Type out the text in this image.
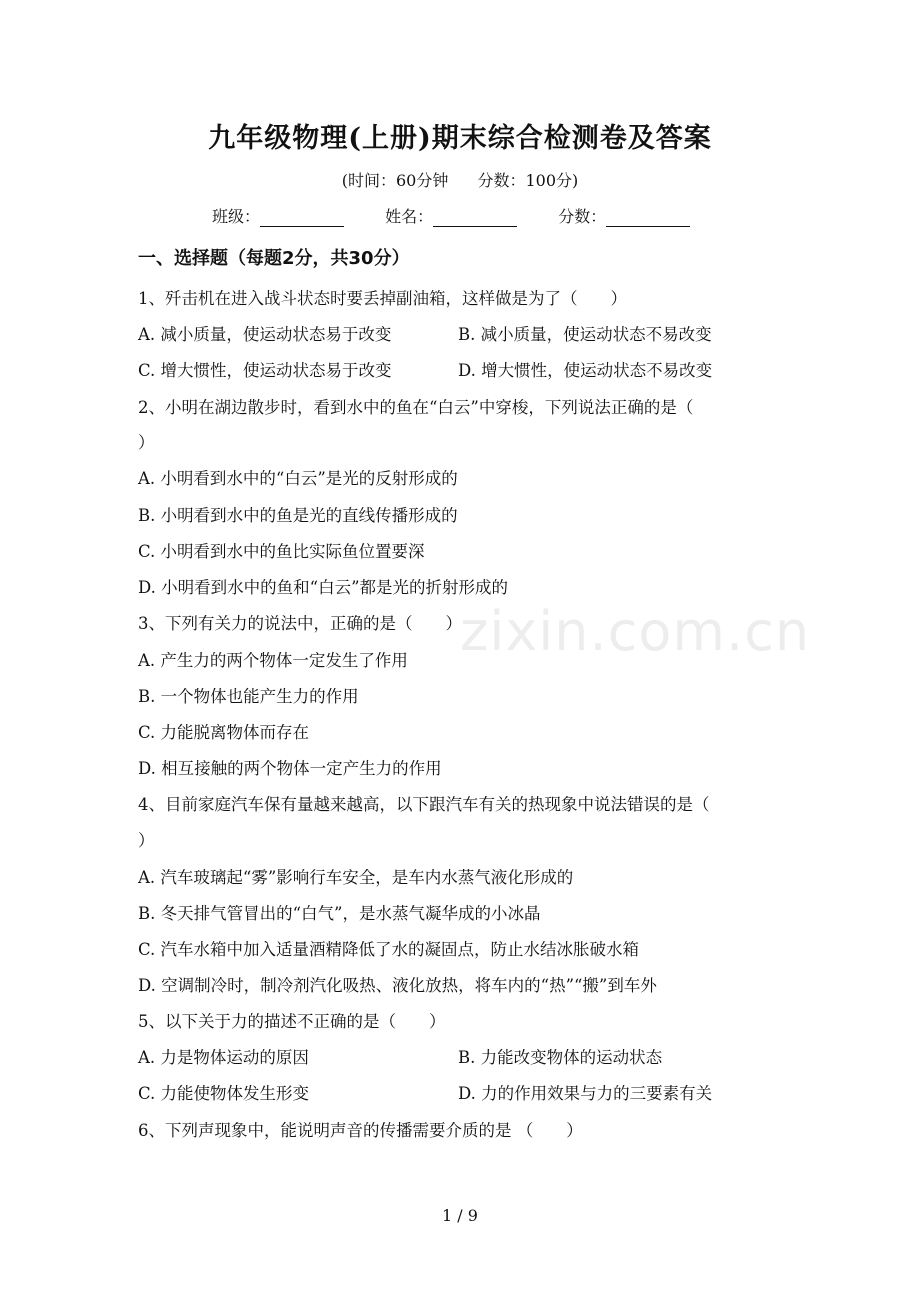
九年级物理(上册)期末综合检测卷及答案
(时间：60分钟 分数：100分)
班级：	姓名：	分数：
一、选择题（每题2分，共30分）
1、歼击机在进入战斗状态时要丢掉副油箱，这样做是为了（　　）
A. 减小质量，使运动状态易于改变	B. 减小质量，使运动状态不易改变
C. 增大惯性，使运动状态易于改变	D. 增大惯性，使运动状态不易改变
2、小明在湖边散步时，看到水中的鱼在“白云”中穿梭，下列说法正确的是（
）
A. 小明看到水中的“白云”是光的反射形成的
B. 小明看到水中的鱼是光的直线传播形成的
C. 小明看到水中的鱼比实际鱼位置要深
D. 小明看到水中的鱼和“白云”都是光的折射形成的
3、下列有关力的说法中，正确的是（　　）
A. 产生力的两个物体一定发生了作用
B. 一个物体也能产生力的作用
C. 力能脱离物体而存在
D. 相互接触的两个物体一定产生力的作用
4、目前家庭汽车保有量越来越高，以下跟汽车有关的热现象中说法错误的是（
）
A. 汽车玻璃起“雾”影响行车安全，是车内水蒸气液化形成的
B. 冬天排气管冒出的“白气”，是水蒸气凝华成的小冰晶
C. 汽车水箱中加入适量酒精降低了水的凝固点，防止水结冰胀破水箱
D. 空调制冷时，制冷剂汽化吸热、液化放热，将车内的“热”“搬”到车外
5、以下关于力的描述不正确的是（　　）
A. 力是物体运动的原因	B. 力能改变物体的运动状态
C. 力能使物体发生形变	D. 力的作用效果与力的三要素有关
6、下列声现象中，能说明声音的传播需要介质的是 （　　）
zixin.com.cn
1 / 9
